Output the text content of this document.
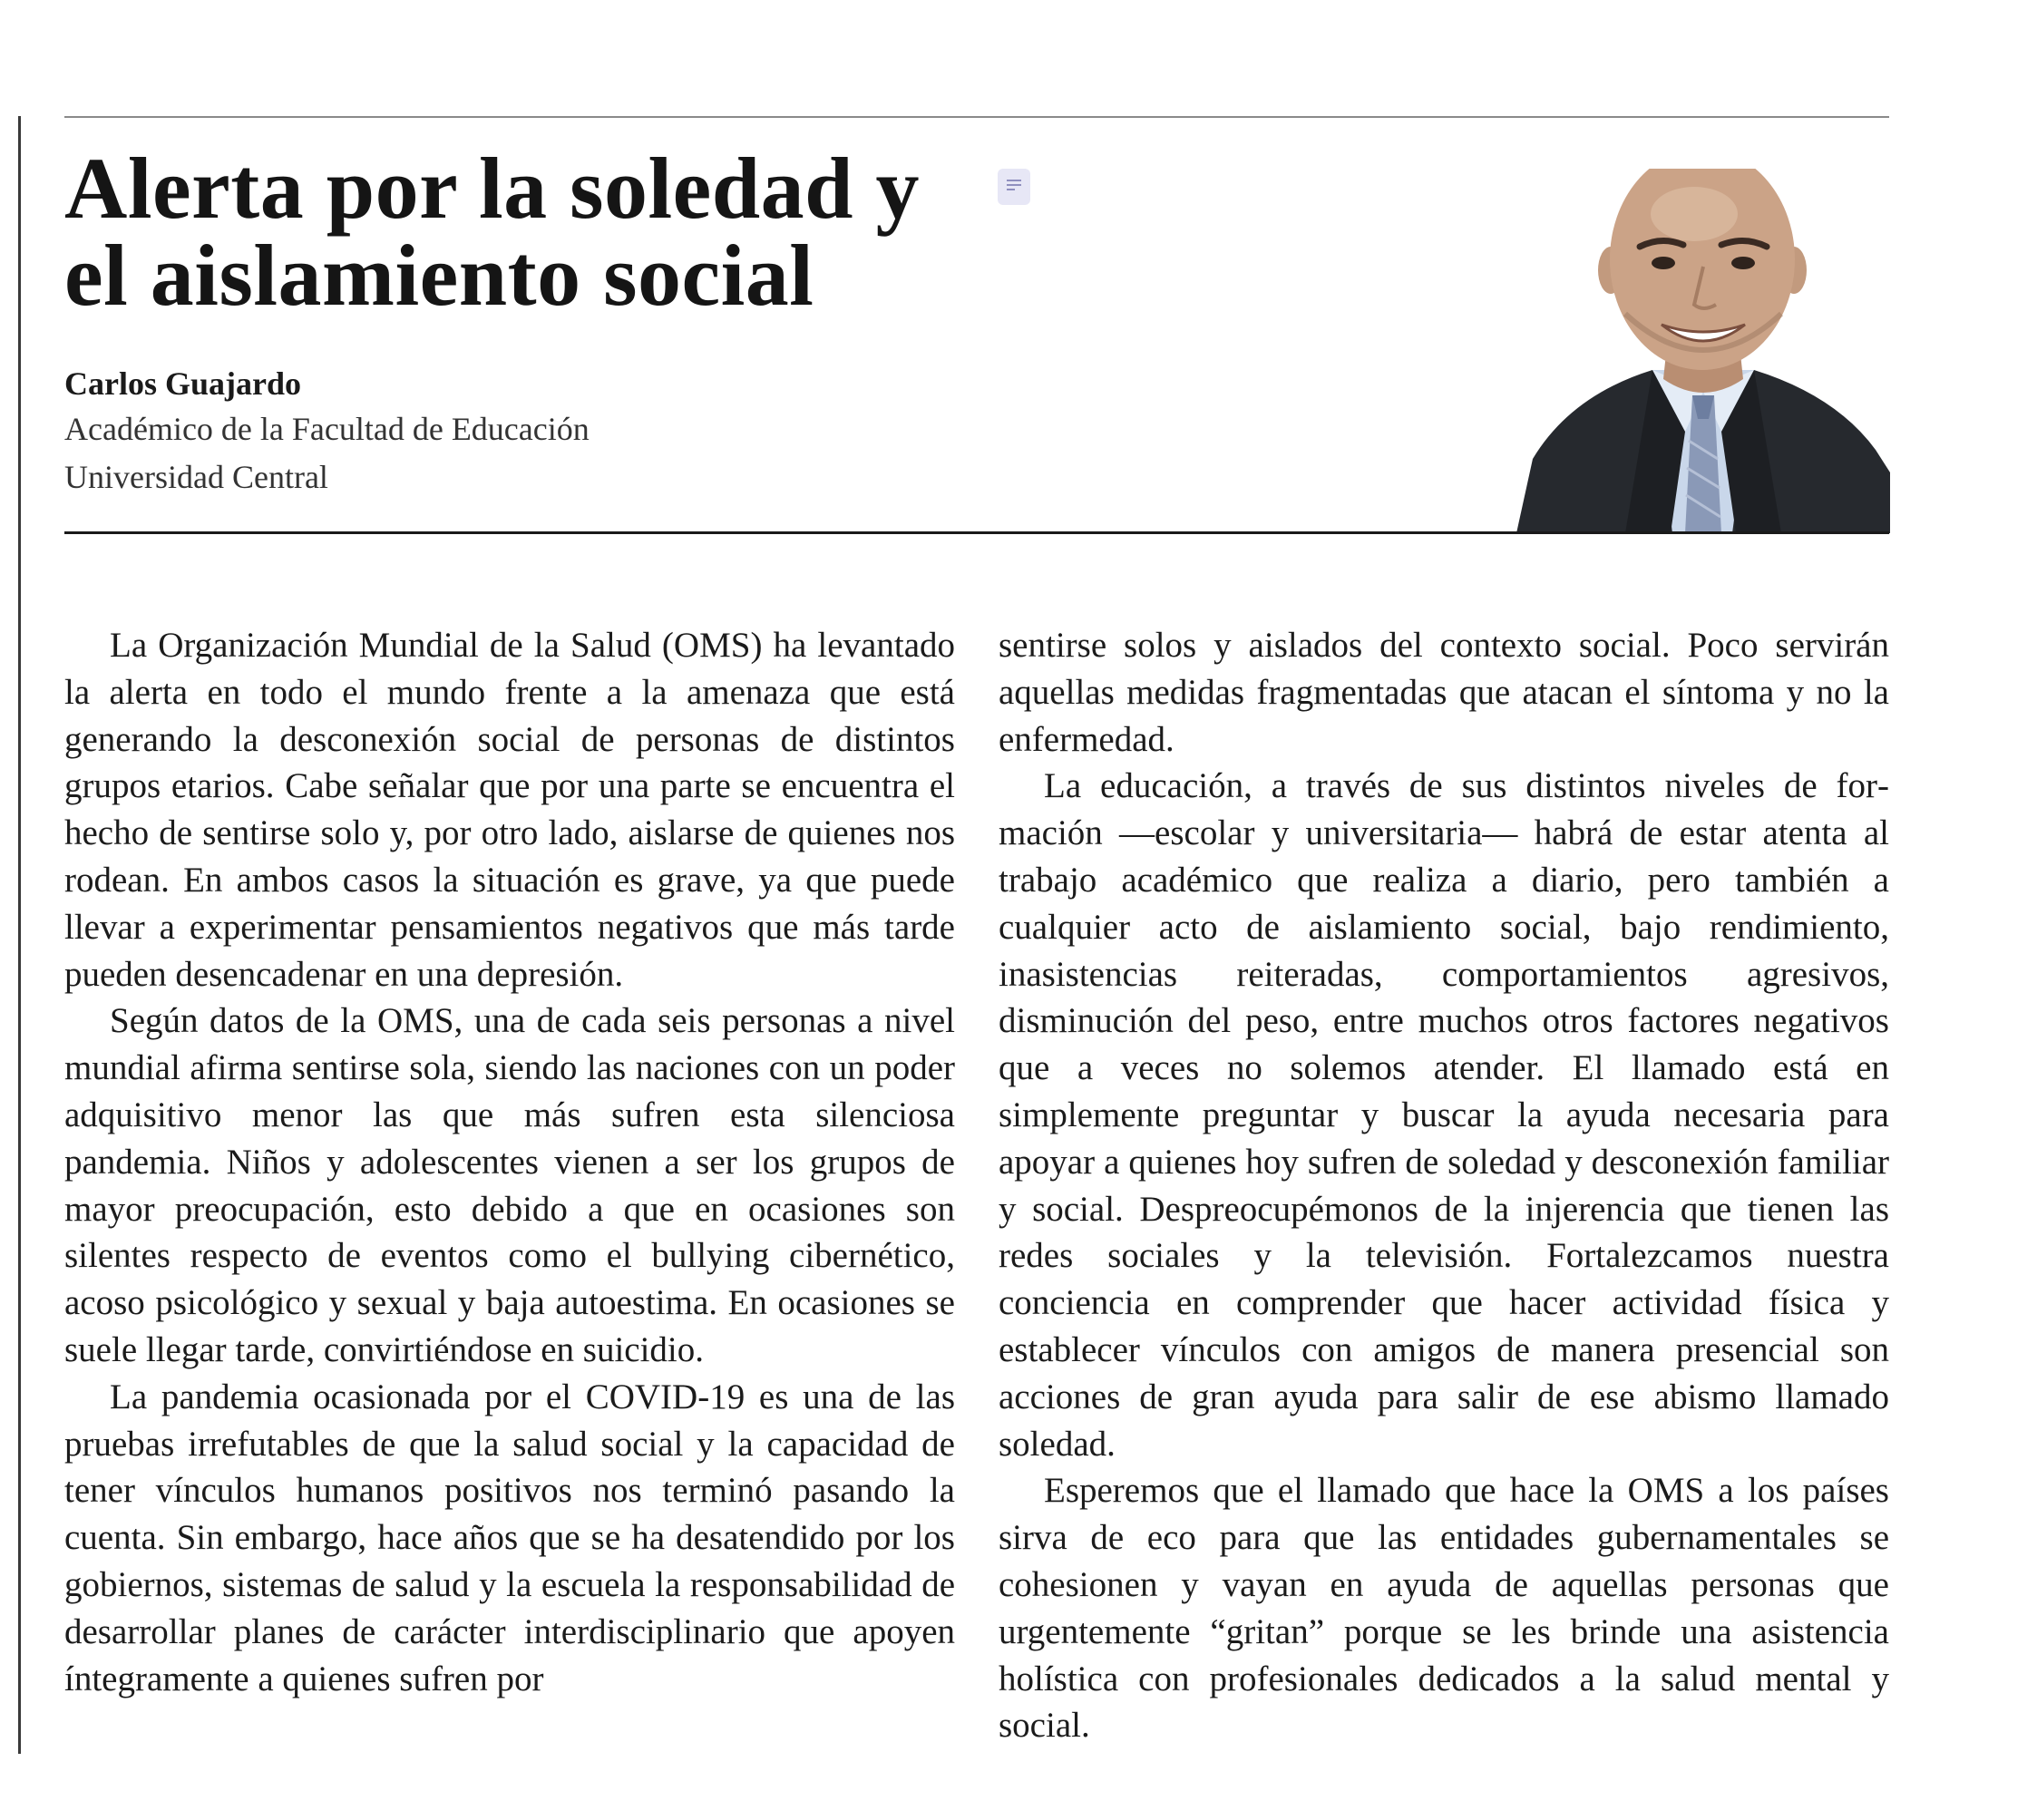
Alerta por la soledad y el aislamiento social
Carlos Guajardo
Académico de la Facultad de Educación
Universidad Central

La Organización Mundial de la Salud (OMS) ha levantado la alerta en todo el mundo frente a la amenaza que está generando la desconexión social de personas de distintos grupos etarios. Cabe señalar que por una parte se encuentra el hecho de sentirse solo y, por otro lado, aislarse de quienes nos rodean. En ambos casos la situación es grave, ya que puede llevar a experimentar pensamientos negativos que más tarde pueden desencadenar en una depresión.

Según datos de la OMS, una de cada seis personas a nivel mundial afirma sentirse sola, siendo las naciones con un poder adquisitivo menor las que más sufren esta silenciosa pandemia. Niños y adolescentes vienen a ser los grupos de mayor preocupación, esto debido a que en ocasiones son silentes respecto de eventos como el bullying cibernético, acoso psicológico y sexual y baja autoestima. En ocasiones se suele llegar tarde, convirtiéndose en suicidio.

La pandemia ocasionada por el COVID-19 es una de las pruebas irrefutables de que la salud social y la capacidad de tener vínculos humanos positivos nos terminó pasando la cuenta. Sin embargo, hace años que se ha desatendido por los gobiernos, sistemas de salud y la escuela la responsabilidad de desarrollar planes de carácter interdisciplinario que apoyen íntegramente a quienes sufren por

sentirse solos y aislados del contexto social. Poco servirán aquellas medidas fragmentadas que atacan el síntoma y no la enfermedad.

La educación, a través de sus distintos niveles de formación —escolar y universitaria— habrá de estar atenta al trabajo académico que realiza a diario, pero también a cualquier acto de aislamiento social, bajo rendimiento, inasistencias reiteradas, comportamientos agresivos, disminución del peso, entre muchos otros factores negativos que a veces no solemos atender. El llamado está en simplemente preguntar y buscar la ayuda necesaria para apoyar a quienes hoy sufren de soledad y desconexión familiar y social. Despreocupémonos de la injerencia que tienen las redes sociales y la televisión. Fortalezcamos nuestra conciencia en comprender que hacer actividad física y establecer vínculos con amigos de manera presencial son acciones de gran ayuda para salir de ese abismo llamado soledad.

Esperemos que el llamado que hace la OMS a los países sirva de eco para que las entidades gubernamentales se cohesionen y vayan en ayuda de aquellas personas que urgentemente “gritan” porque se les brinde una asistencia holística con profesionales dedicados a la salud mental y social.
